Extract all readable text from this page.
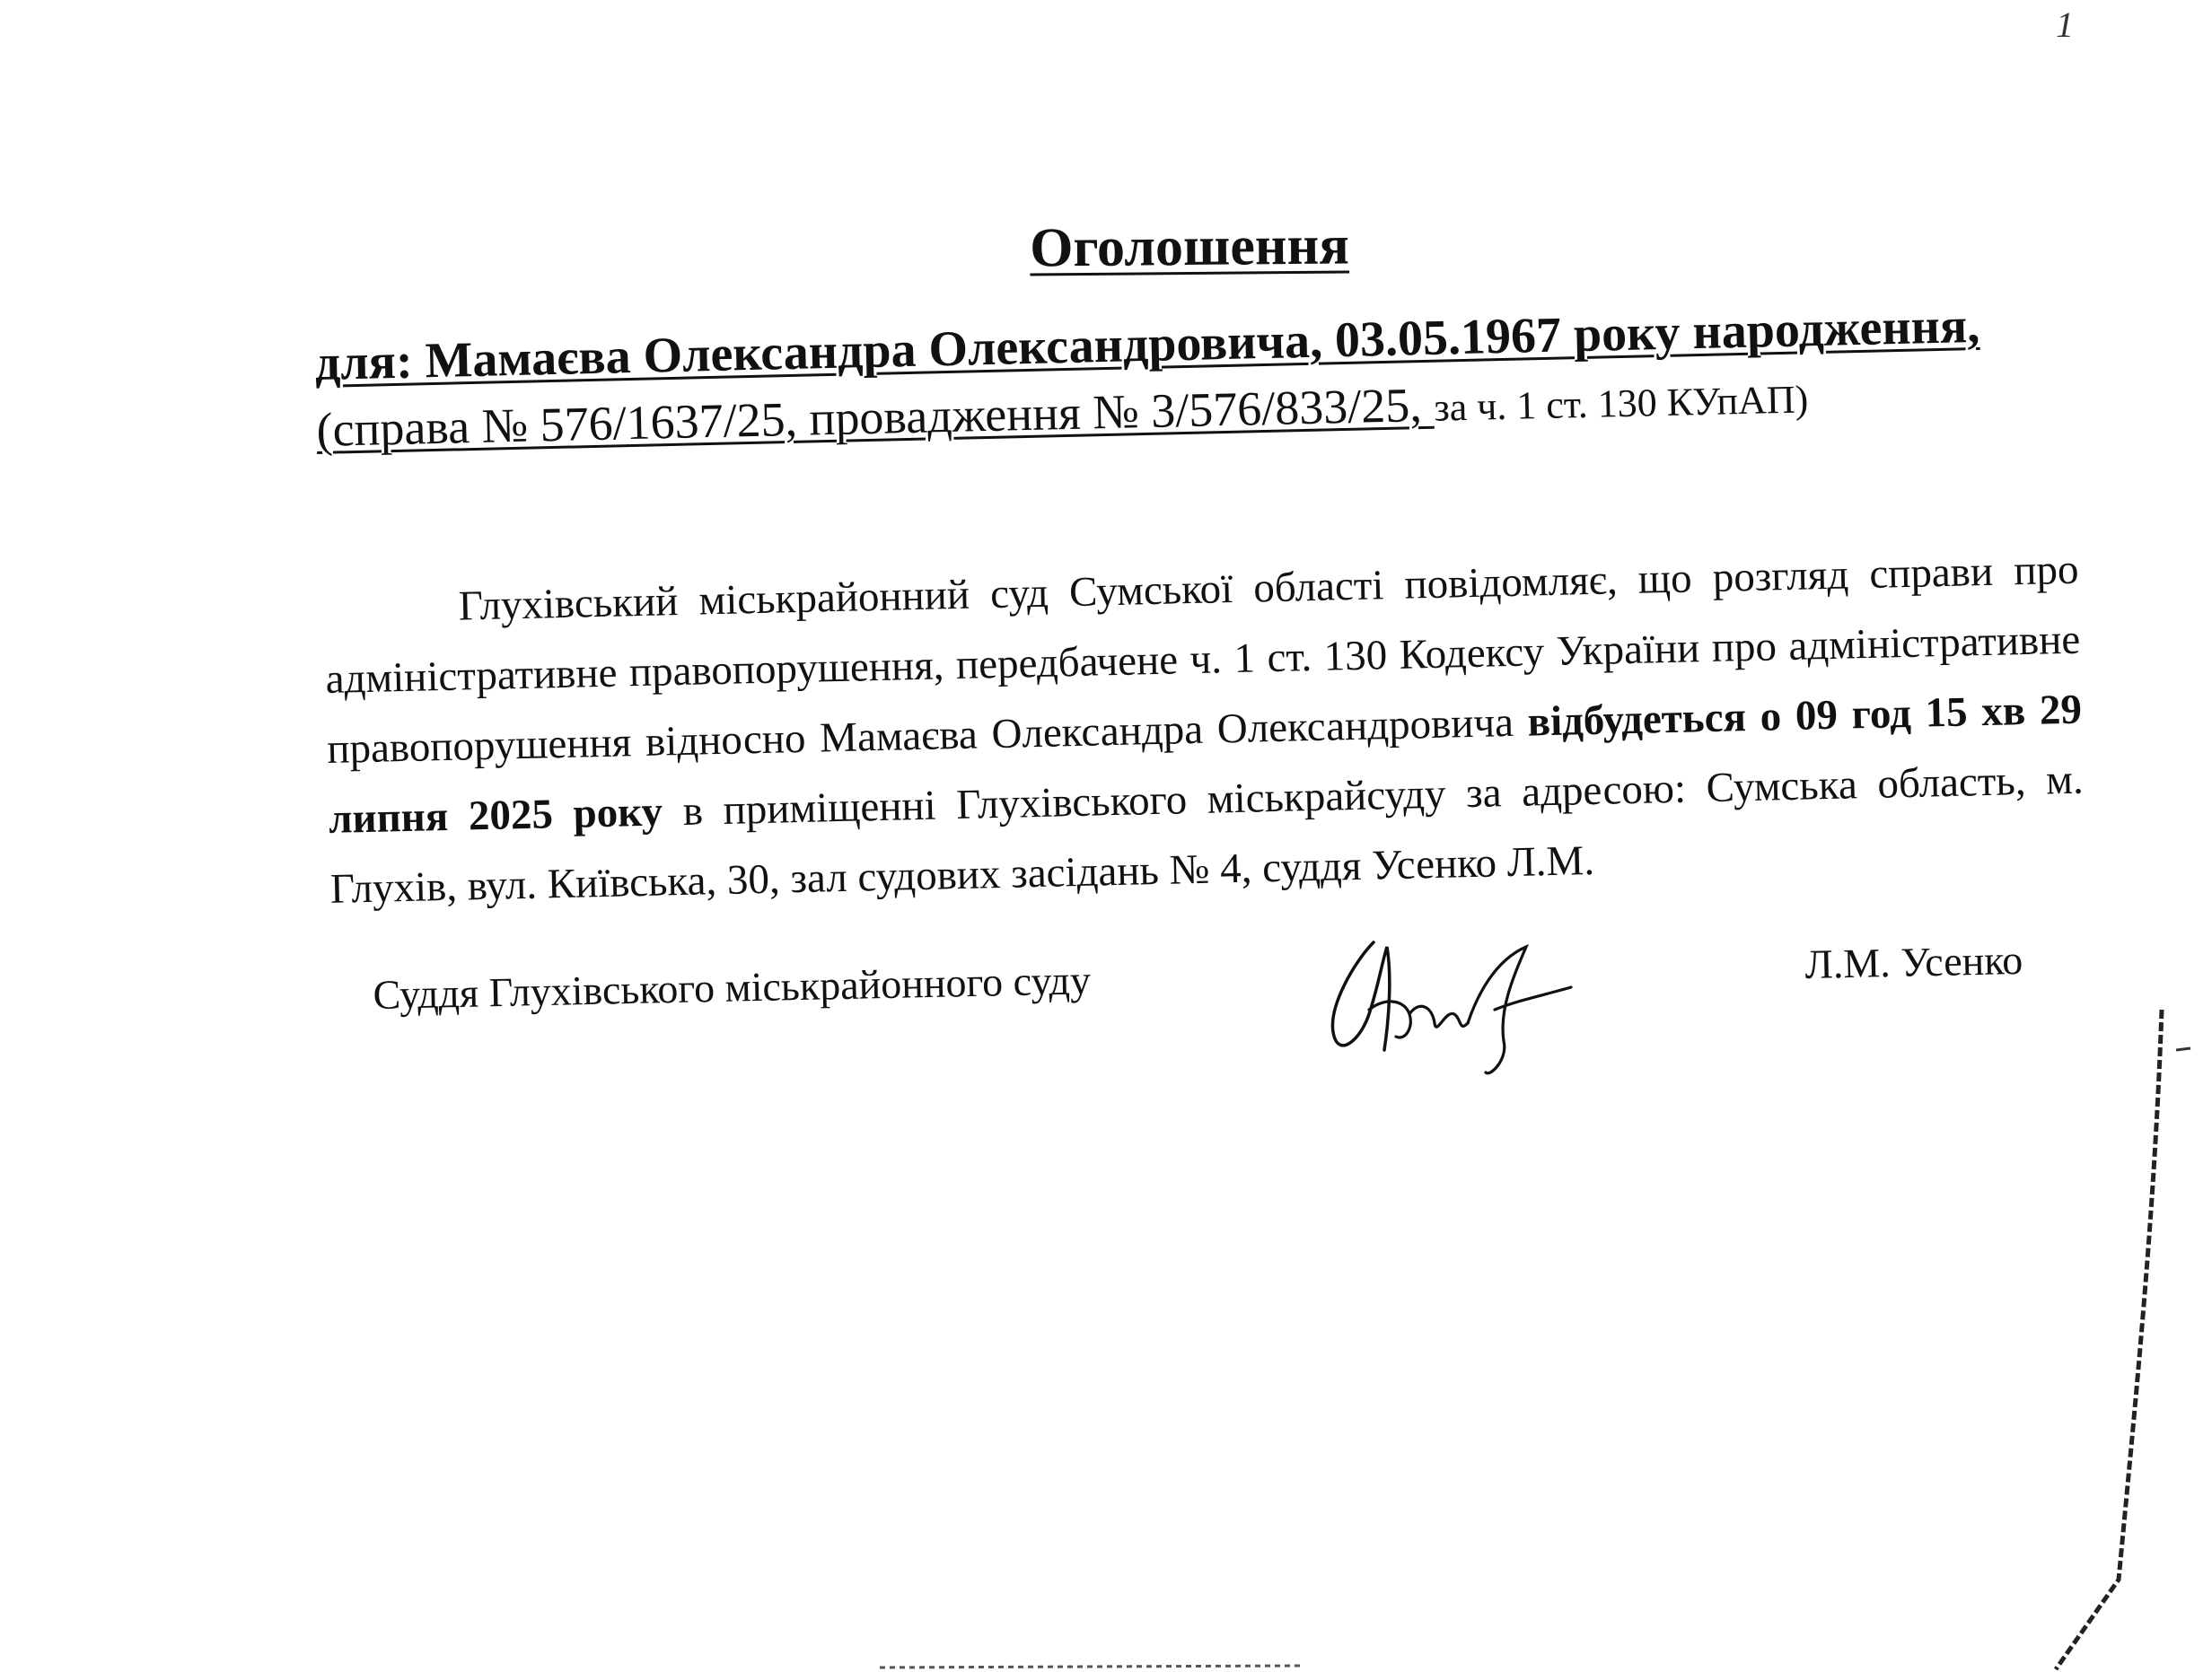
1
Оголошення
для: Мамаєва Олександра Олександровича, 03.05.1967 року народження,
(справа № 576/1637/25, провадження № 3/576/833/25, за ч. 1 ст. 130 КУпАП)
Глухівський міськрайонний суд Сумської області повідомляє, що розгляд справи про адміністративне правопорушення, передбачене ч. 1 ст. 130 Кодексу України про адміністративне правопорушення відносно Мамаєва Олександра Олександровича відбудеться о 09 год 15 хв 29 липня 2025 року в приміщенні Глухівського міськрайсуду за адресою: Сумська область, м. Глухів, вул. Київська, 30, зал судових засідань № 4, суддя Усенко Л.М.
Суддя Глухівського міськрайонного суду	Л.М. Усенко
